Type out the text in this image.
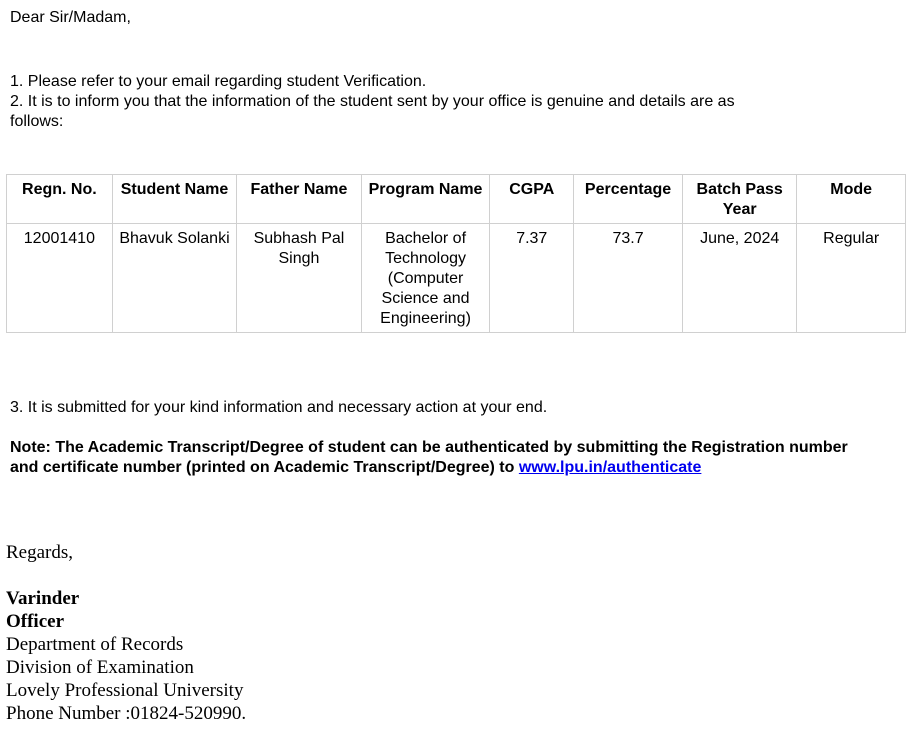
Dear Sir/Madam,

1. Please refer to your email regarding student Verification.

2. It is to inform you that the information of the student sent by your office is genuine and details are as follows:

Regn. No.	Student Name	Father Name	Program Name	CGPA	Percentage	Batch Pass Year	Mode
12001410	Bhavuk Solanki	Subhash Pal Singh	Bachelor of Technology (Computer Science and Engineering)	7.37	73.7	June, 2024	Regular
3. It is submitted for your kind information and necessary action at your end.
Note: The Academic Transcript/Degree of student can be authenticated by submitting the Registration number and certificate number (printed on Academic Transcript/Degree) to www.lpu.in/authenticate
Regards,
Varinder
Officer
Department of Records
Division of Examination
Lovely Professional University
Phone Number :01824-520990.
